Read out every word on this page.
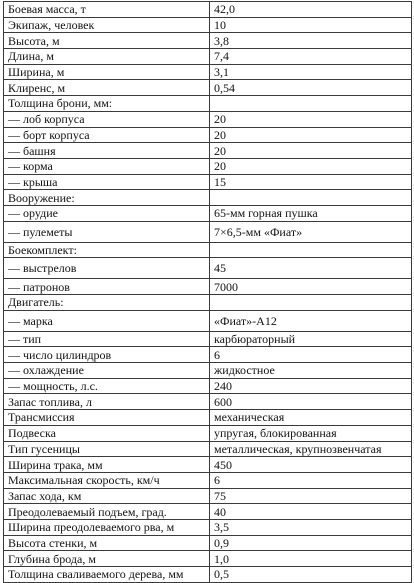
Боевая масса, т	42,0
Экипаж, человек	10
Высота, м	3,8
Длина, м	7,4
Ширина, м	3,1
Клиренс, м	0,54
Толщина брони, мм:	
— лоб корпуса	20
— борт корпуса	20
— башня	20
— корма	20
— крыша	15
Вооружение:	
— орудие	65-мм горная пушка
— пулеметы	7×6,5-мм «Фиат»
Боекомплект:	
— выстрелов	45
— патронов	7000
Двигатель:	
— марка	«Фиат»-А12
— тип	карбюраторный
— число цилиндров	6
— охлаждение	жидкостное
— мощность, л.с.	240
Запас топлива, л	600
Трансмиссия	механическая
Подвеска	упругая, блокированная
Тип гусеницы	металлическая, крупнозвенчатая
Ширина трака, мм	450
Максимальная скорость, км/ч	6
Запас хода, км	75
Преодолеваемый подъем, град.	40
Ширина преодолеваемого рва, м	3,5
Высота стенки, м	0,9
Глубина брода, м	1,0
Толщина сваливаемого дерева, мм	0,5
